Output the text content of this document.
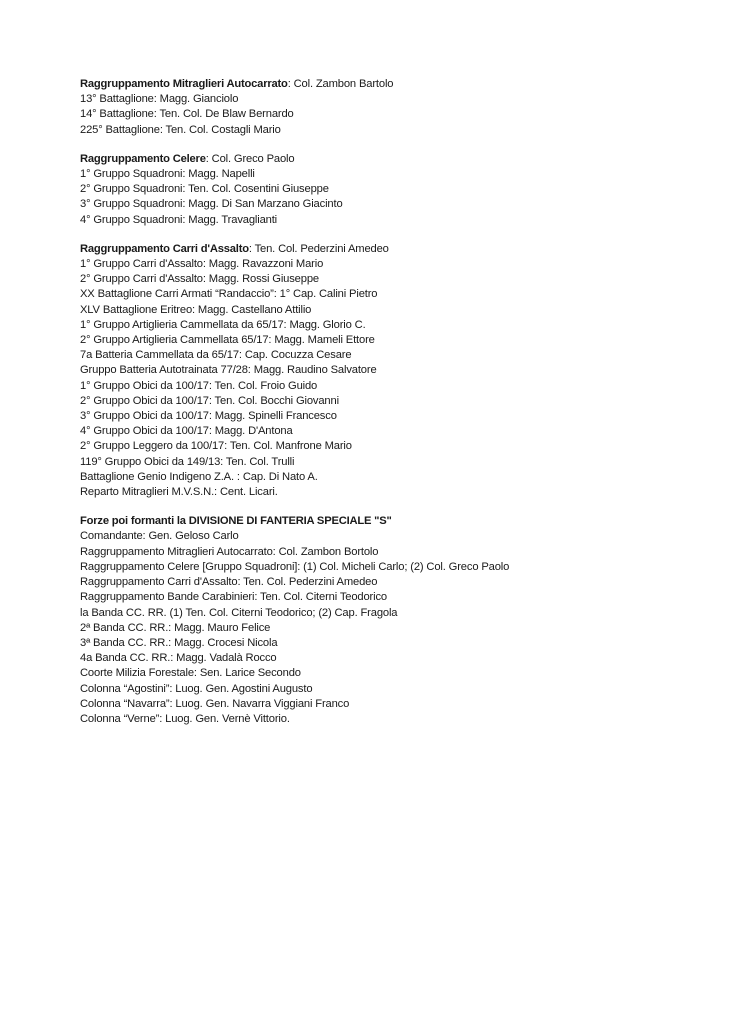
Raggruppamento Mitraglieri Autocarrato: Col. Zambon Bartolo
13° Battaglione: Magg. Gianciolo
14° Battaglione: Ten. Col. De Blaw Bernardo
225° Battaglione: Ten. Col. Costagli Mario
Raggruppamento Celere: Col. Greco Paolo
1° Gruppo Squadroni: Magg. Napelli
2° Gruppo Squadroni: Ten. Col. Cosentini Giuseppe
3° Gruppo Squadroni: Magg. Di San Marzano Giacinto
4° Gruppo Squadroni: Magg. Travaglianti
Raggruppamento Carri d'Assalto: Ten. Col. Pederzini Amedeo
1° Gruppo Carri d'Assalto: Magg. Ravazzoni Mario
2° Gruppo Carri d'Assalto: Magg. Rossi Giuseppe
XX Battaglione Carri Armati “Randaccio”: 1° Cap. Calini Pietro
XLV Battaglione Eritreo: Magg. Castellano Attilio
1° Gruppo Artiglieria Cammellata da 65/17: Magg. Glorio C.
2° Gruppo Artiglieria Cammellata 65/17: Magg. Mameli Ettore
7a Batteria Cammellata da 65/17: Cap. Cocuzza Cesare
Gruppo Batteria Autotrainata 77/28: Magg. Raudino Salvatore
1° Gruppo Obici da 100/17: Ten. Col. Froio Guido
2° Gruppo Obici da 100/17: Ten. Col. Bocchi Giovanni
3° Gruppo Obici da 100/17: Magg. Spinelli Francesco
4° Gruppo Obici da 100/17: Magg. D'Antona
2° Gruppo Leggero da 100/17: Ten. Col. Manfrone Mario
119° Gruppo Obici da 149/13: Ten. Col. Trulli
Battaglione Genio Indigeno Z.A. : Cap. Di Nato A.
Reparto Mitraglieri M.V.S.N.: Cent. Licari.
Forze poi formanti la DIVISIONE DI FANTERIA SPECIALE "S"
Comandante: Gen. Geloso Carlo
Raggruppamento Mitraglieri Autocarrato: Col. Zambon Bortolo
Raggruppamento Celere [Gruppo Squadroni]: (1) Col. Micheli Carlo; (2) Col. Greco Paolo
Raggruppamento Carri d'Assalto: Ten. Col. Pederzini Amedeo
Raggruppamento Bande Carabinieri: Ten. Col. Citerni Teodorico
la Banda CC. RR. (1) Ten. Col. Citerni Teodorico; (2) Cap. Fragola
2ª Banda CC. RR.: Magg. Mauro Felice
3ª Banda CC. RR.: Magg. Crocesi Nicola
4a Banda CC. RR.: Magg. Vadalà Rocco
Coorte Milizia Forestale: Sen. Larice Secondo
Colonna “Agostini”: Luog. Gen. Agostini Augusto
Colonna “Navarra”: Luog. Gen. Navarra Viggiani Franco
Colonna “Verne”: Luog. Gen. Vernè Vittorio.
